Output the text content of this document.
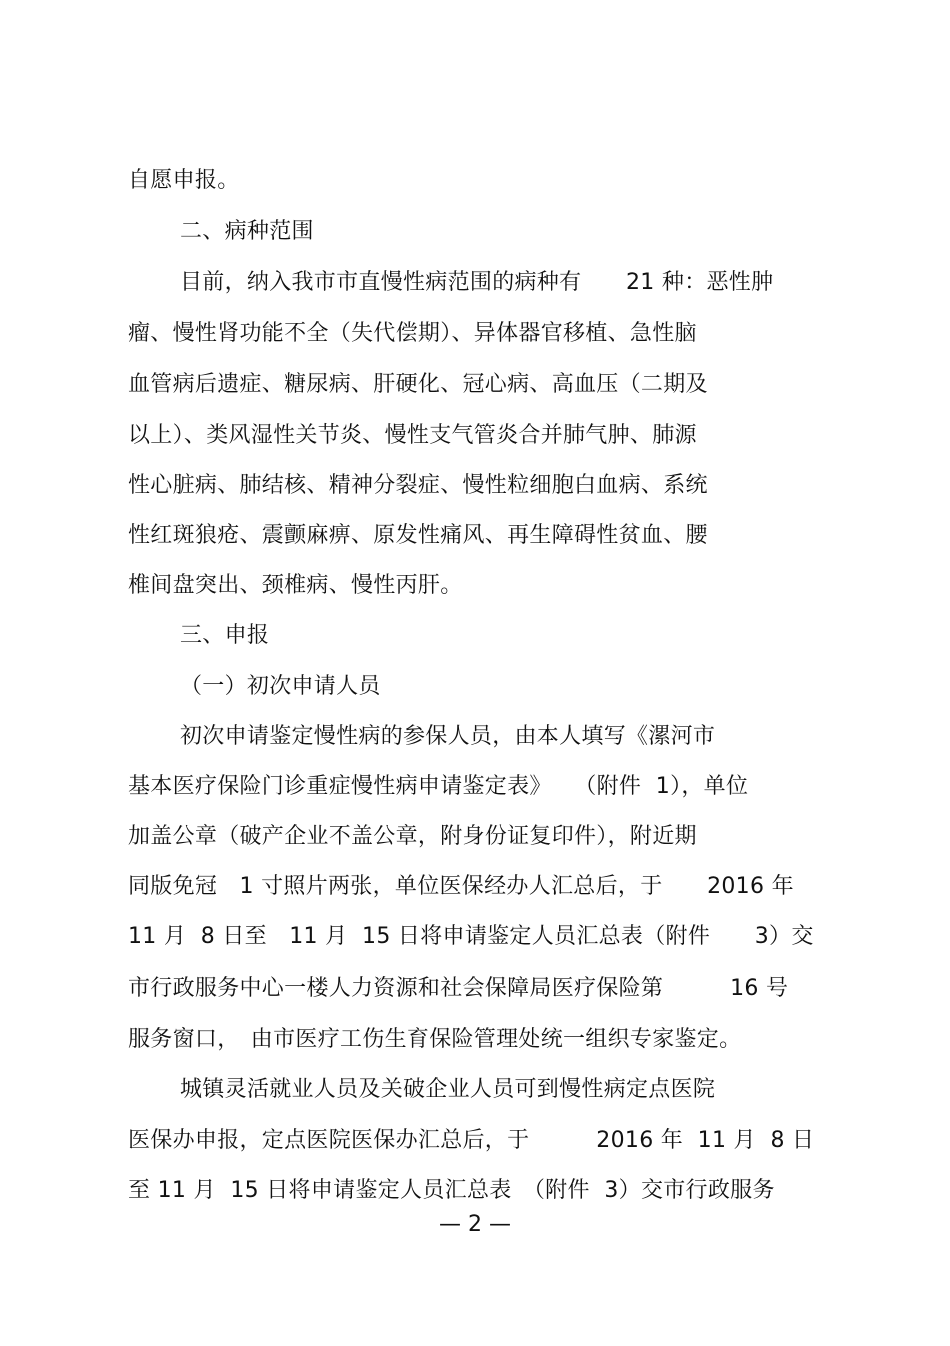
自愿申报。
二、病种范围
目前，纳入我市市直慢性病范围的病种有　　21 种：恶性肿
瘤、慢性肾功能不全（失代偿期）、异体器官移植、急性脑
血管病后遗症、糖尿病、肝硬化、冠心病、高血压（二期及
以上）、类风湿性关节炎、慢性支气管炎合并肺气肿、肺源
性心脏病、肺结核、精神分裂症、慢性粒细胞白血病、系统
性红斑狼疮、震颤麻痹、原发性痛风、再生障碍性贫血、腰
椎间盘突出、颈椎病、慢性丙肝。
三、申报
（一）初次申请人员
初次申请鉴定慢性病的参保人员，由本人填写《漯河市
基本医疗保险门诊重症慢性病申请鉴定表》　　（附件  1），单位
加盖公章（破产企业不盖公章，附身份证复印件），附近期
同版免冠　1 寸照片两张，单位医保经办人汇总后，于　　2016 年
11 月  8 日至　11 月  15 日将申请鉴定人员汇总表（附件　　3）交
市行政服务中心一楼人力资源和社会保障局医疗保险第　　　16 号
服务窗口，　由市医疗工伤生育保险管理处统一组织专家鉴定。
城镇灵活就业人员及关破企业人员可到慢性病定点医院
医保办申报，定点医院医保办汇总后，于　　　2016 年  11 月  8 日
至 11 月  15 日将申请鉴定人员汇总表　（附件  3）交市行政服务
— 2 —
